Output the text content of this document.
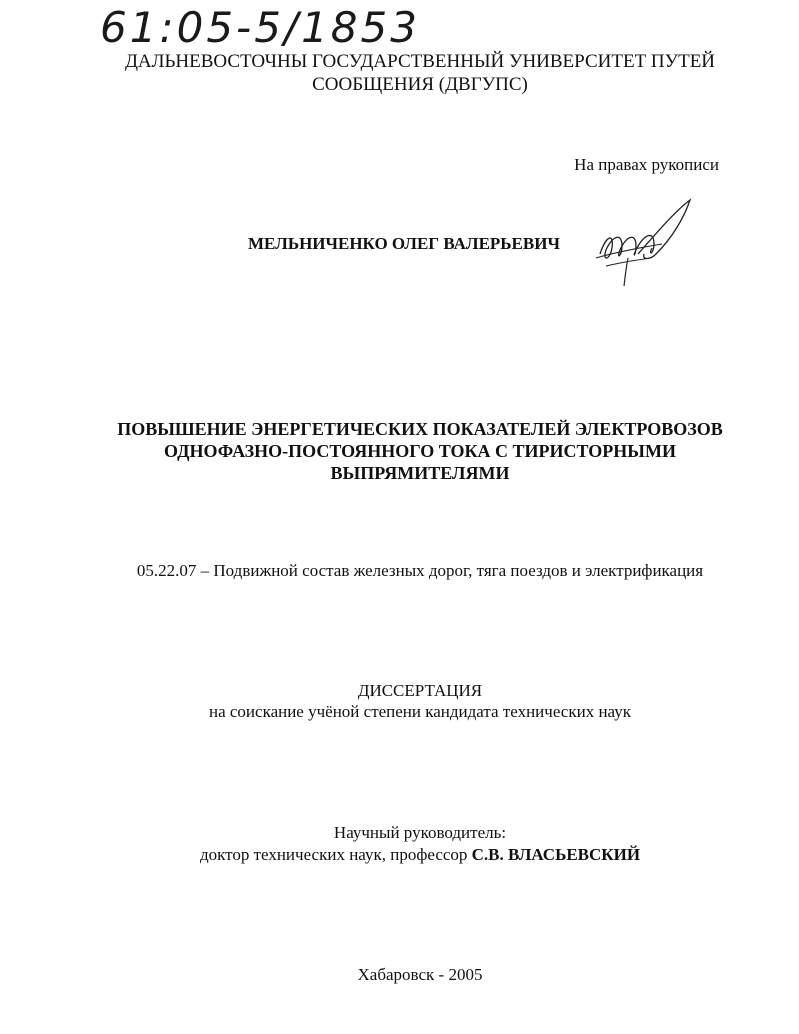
61:05-5/1853
ДАЛЬНЕВОСТОЧНЫ ГОСУДАРСТВЕННЫЙ УНИВЕРСИТЕТ ПУТЕЙ
СООБЩЕНИЯ (ДВГУПС)
На правах рукописи
МЕЛЬНИЧЕНКО ОЛЕГ ВАЛЕРЬЕВИЧ
ПОВЫШЕНИЕ ЭНЕРГЕТИЧЕСКИХ ПОКАЗАТЕЛЕЙ ЭЛЕКТРОВОЗОВ
ОДНОФАЗНО-ПОСТОЯННОГО ТОКА С ТИРИСТОРНЫМИ
ВЫПРЯМИТЕЛЯМИ
05.22.07 – Подвижной состав железных дорог, тяга поездов и электрификация
ДИССЕРТАЦИЯ
на соискание учёной степени кандидата технических наук
Научный руководитель:
доктор технических наук, профессор С.В. ВЛАСЬЕВСКИЙ
Хабаровск - 2005
